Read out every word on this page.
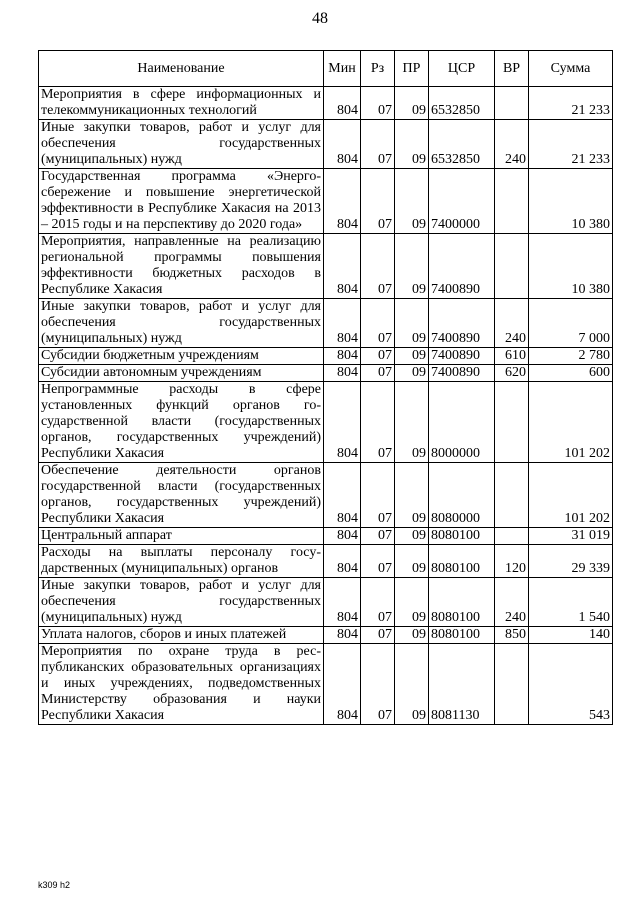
48
Наименование	Мин	Рз	ПР	ЦСР	ВР	Сумма
Мероприятия в сфере информационных и телекоммуникационных технологий	804	07	09	6532850		21 233
Иные закупки товаров, работ и услуг для обеспечения государственных (муниципальных) нужд	804	07	09	6532850	240	21 233
Государственная программа «Энергосбережение и повышение энергетической эффективности в Республике Хакасия на 2013 – 2015 годы и на перспективу до 2020 года»	804	07	09	7400000		10 380
Мероприятия, направленные на реализацию региональной программы повышения эффективности бюджетных расходов в Республике Хакасия	804	07	09	7400890		10 380
Иные закупки товаров, работ и услуг для обеспечения государственных (муниципальных) нужд	804	07	09	7400890	240	7 000
Субсидии бюджетным учреждениям	804	07	09	7400890	610	2 780
Субсидии автономным учреждениям	804	07	09	7400890	620	600
Непрограммные расходы в сфере установленных функций органов государственной власти (государственных органов, государственных учреждений) Республики Хакасия	804	07	09	8000000		101 202
Обеспечение деятельности органов государственной власти (государственных органов, государственных учреждений) Республики Хакасия	804	07	09	8080000		101 202
Центральный аппарат	804	07	09	8080100		31 019
Расходы на выплаты персоналу государственных (муниципальных) органов	804	07	09	8080100	120	29 339
Иные закупки товаров, работ и услуг для обеспечения государственных (муниципальных) нужд	804	07	09	8080100	240	1 540
Уплата налогов, сборов и иных платежей	804	07	09	8080100	850	140
Мероприятия по охране труда в республиканских образовательных организациях и иных учреждениях, подведомственных Министерству образования и науки Республики Хакасия	804	07	09	8081130		543
k309 h2
